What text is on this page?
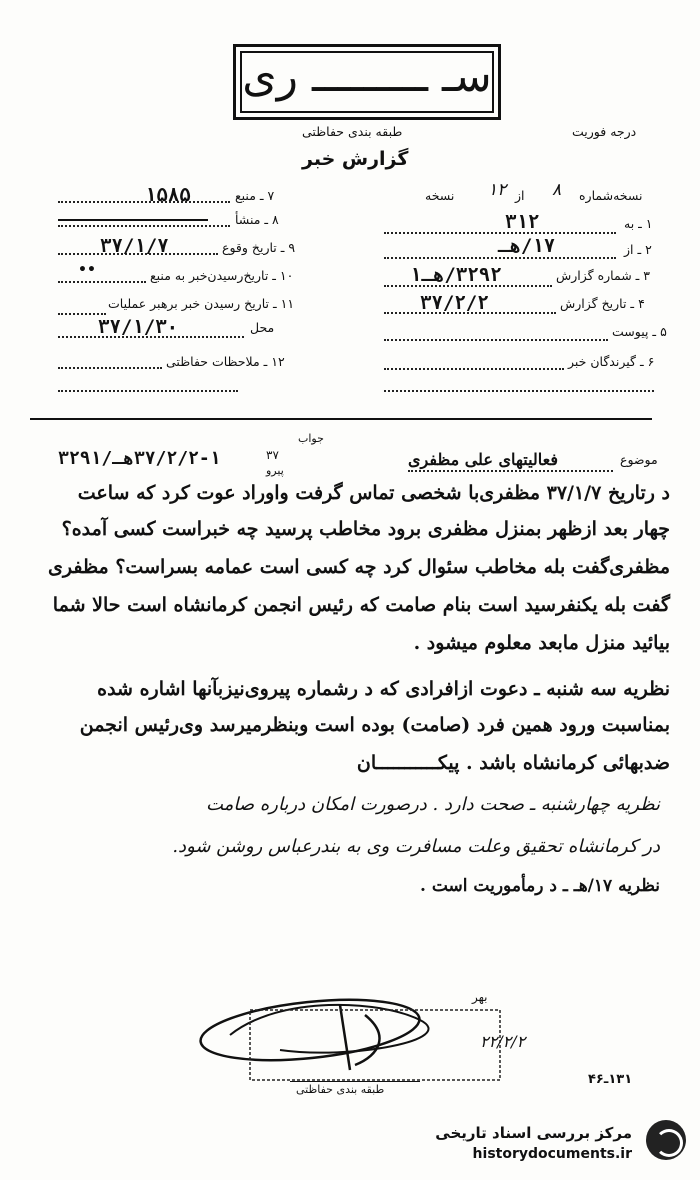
سـ ـــــــــ ری
طبقه بندی حفاظتی	درجه فوریت
گزارش خبر
۷ ـ منبع
۱۵۸۵
۸ ـ منشأ
۹ ـ تاریخ وقوع
۳۷/۱/۷
۱۰ ـ تاریخ‌رسیدن‌خبر به منبع
••
۱۱ ـ تاریخ رسیدن خبر برهبر عملیات
محل
۳۷/۱/۳۰
۱۲ ـ ملاحظات حفاظتی
نسخه‌شماره
۸
از
۱۲
نسخه
۱ ـ به
۳۱۲
۲ ـ از
۱۷/هـ
۳ ـ شماره گزارش
۳۲۹۲/هـ۱
۴ ـ تاریخ گزارش
۳۷/۲/۲
۵ ـ پیوست
۶ ـ گیرندگان خبر
موضوع
فعالیتهای علی مظفری
جواب
۳۷
پیرو
۳۷/۲/۲-۱هـ/۳۲۹۱
د رتاریخ ۳۷/۱/۷ مظفری‌با شخصی تماس گرفت واوراد عوت کرد که ساعت
چهار بعد ازظهر بمنزل مظفری برود مخاطب پرسید چه خبراست کسی آمده؟
مظفری‌گفت بله مخاطب سئوال کرد چه کسی است عمامه بسراست؟ مظفری
گفت بله یکنفرسید است بنام صامت که رئیس انجمن کرمانشاه است حالا شما
بیائید منزل مابعد معلوم میشود .
نظریه سه شنبه ـ دعوت ازافرادی که د رشماره پیروی‌نیزبآنها اشاره شده
بمناسبت ورود همین فرد (صامت) بوده است وبنظرمیرسد وی‌رئیس انجمن
ضدبهائی کرمانشاه باشد . پیکـــــــــــان
نظریه چهارشنبه ـ صحت دارد . درصورت امکان درباره صامت
در کرمانشاه تحقیق وعلت مسافرت وی به بندرعباس روشن شود.
نظریه ۱۷/هـ ـ د رمأموریت است .
بهر
۲۲/۲/۲
طبقه بندی حفاظتی
۱۳۱ـ۴۶
مرکز بررسی اسناد تاریخی
historydocuments.ir
